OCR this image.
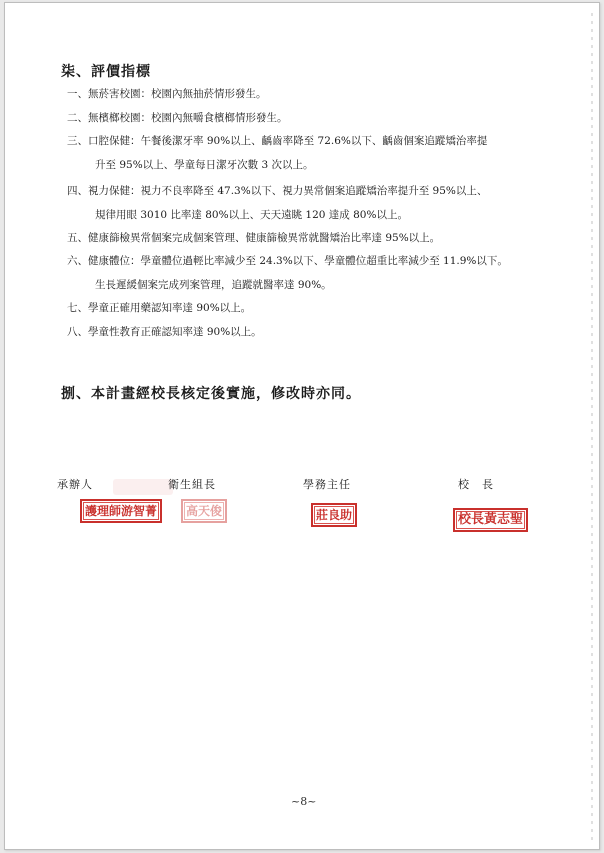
柒、評價指標
一、無菸害校園：校園內無抽菸情形發生。
二、無檳榔校園：校園內無嚼食檳榔情形發生。
三、口腔保健：午餐後潔牙率 90%以上、齲齒率降至 72.6%以下、齲齒個案追蹤矯治率提
升至 95%以上、學童每日潔牙次數 3 次以上。
四、視力保健：視力不良率降至 47.3%以下、視力異常個案追蹤矯治率提升至 95%以上、
規律用眼 3010 比率達 80%以上、天天遠眺 120 達成 80%以上。
五、健康篩檢異常個案完成個案管理、健康篩檢異常就醫矯治比率達 95%以上。
六、健康體位：學童體位過輕比率減少至 24.3%以下、學童體位超重比率減少至 11.9%以下。
生長遲緩個案完成列案管理，追蹤就醫率達 90%。
七、學童正確用藥認知率達 90%以上。
八、學童性教育正確認知率達 90%以上。
捌、本計畫經校長核定後實施，修改時亦同。
承辦人	衛生組長	學務主任	校　長
護理師游智菁	高天俊	莊良助	校長黃志聖
~8~
